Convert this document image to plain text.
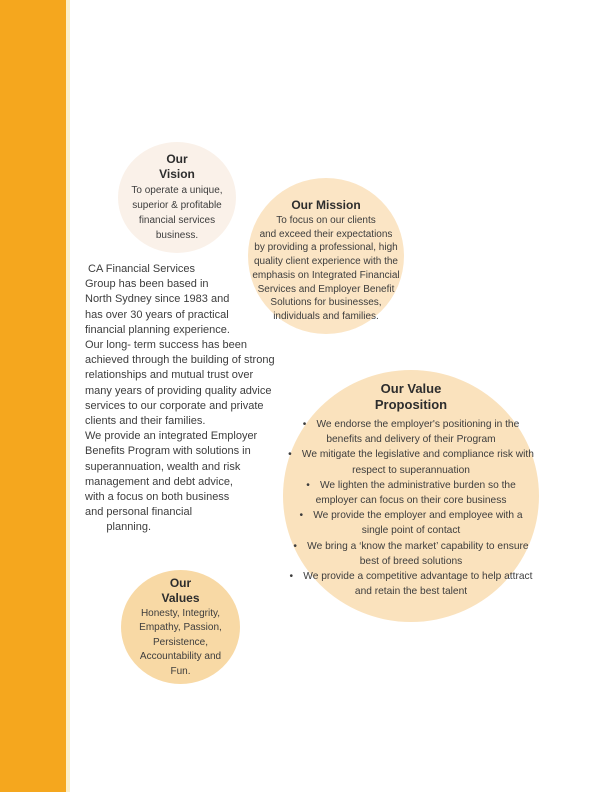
Our
Vision
To operate a unique,
superior & profitable
financial services
business.
Our Mission
To focus on our clients
and exceed their expectations
by providing a professional, high
quality client experience with the
emphasis on Integrated Financial
Services and Employer Benefit
Solutions for businesses,
individuals and families.
CA Financial Services
Group has been based in
North Sydney since 1983 and
has over 30 years of practical
financial planning experience.
Our long- term success has been
achieved through the building of strong
relationships and mutual trust over
many years of providing quality advice
services to our corporate and private
clients and their families.
We provide an integrated Employer
Benefits Program with solutions in
superannuation, wealth and risk
management and debt advice,
with a focus on both business
and personal financial
planning.
Our Value
Proposition
• We endorse the employer's positioning in the benefits and delivery of their Program
• We mitigate the legislative and compliance risk with respect to superannuation
• We lighten the administrative burden so the employer can focus on their core business
• We provide the employer and employee with a single point of contact
• We bring a ‘know the market’ capability to ensure best of breed solutions
• We provide a competitive advantage to help attract and retain the best talent
Our
Values
Honesty, Integrity,
Empathy, Passion,
Persistence,
Accountability and
Fun.
